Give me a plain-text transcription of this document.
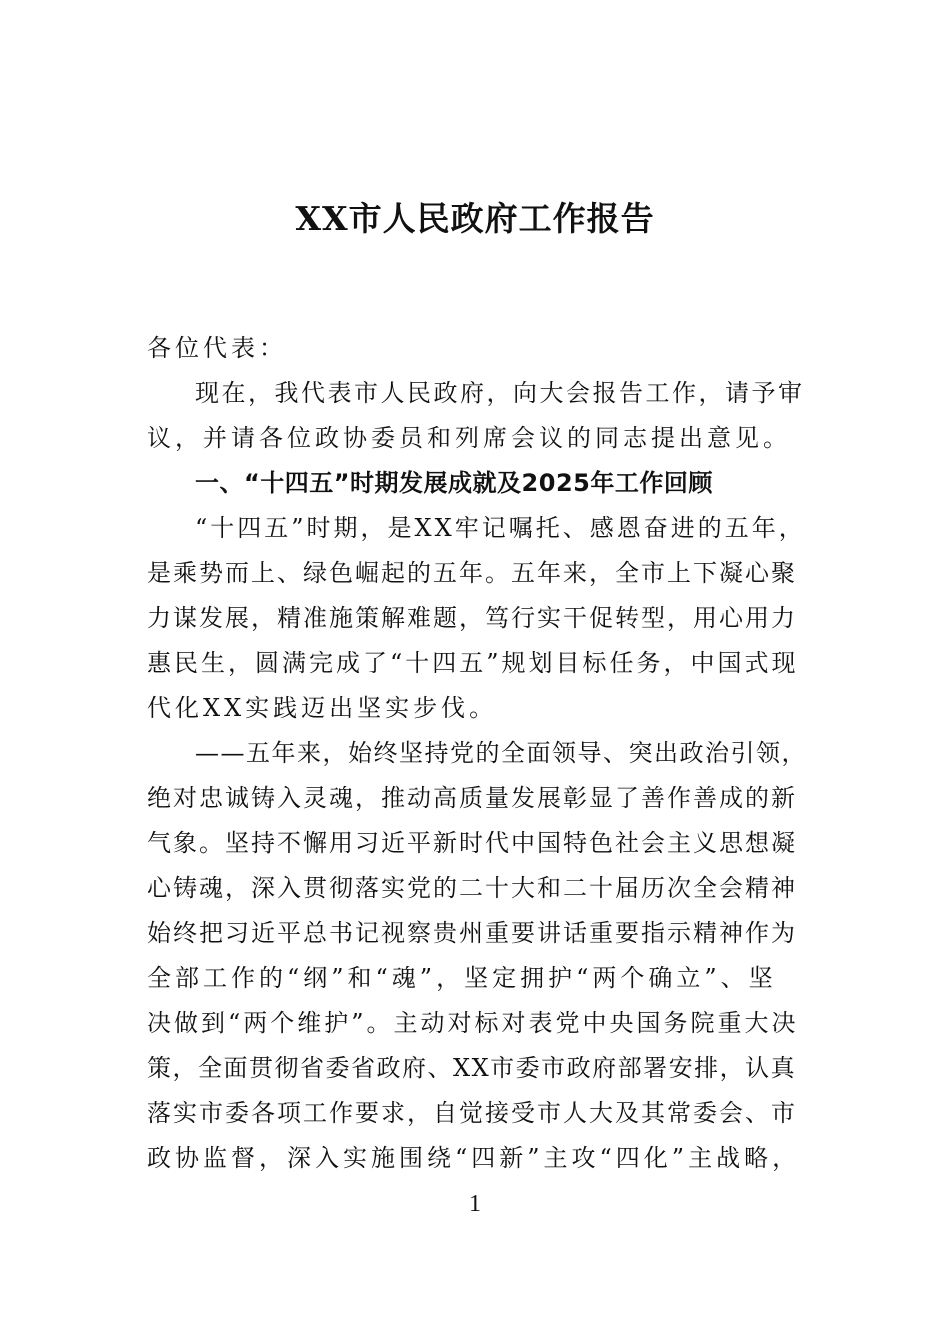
XX市人民政府工作报告
各位代表：
现在，我代表市人民政府，向大会报告工作，请予审
议，并请各位政协委员和列席会议的同志提出意见。
一、“十四五”时期发展成就及2025年工作回顾
“十四五”时期，是XX牢记嘱托、感恩奋进的五年，
是乘势而上、绿色崛起的五年。五年来，全市上下凝心聚
力谋发展，精准施策解难题，笃行实干促转型，用心用力
惠民生，圆满完成了“十四五”规划目标任务，中国式现
代化XX实践迈出坚实步伐。
——五年来，始终坚持党的全面领导、突出政治引领，
绝对忠诚铸入灵魂，推动高质量发展彰显了善作善成的新
气象。坚持不懈用习近平新时代中国特色社会主义思想凝
心铸魂，深入贯彻落实党的二十大和二十届历次全会精神
始终把习近平总书记视察贵州重要讲话重要指示精神作为
全部工作的“纲”和“魂”，坚定拥护“两个确立”、坚
决做到“两个维护”。主动对标对表党中央国务院重大决
策，全面贯彻省委省政府、XX市委市政府部署安排，认真
落实市委各项工作要求，自觉接受市人大及其常委会、市
政协监督，深入实施围绕“四新”主攻“四化”主战略，
1
